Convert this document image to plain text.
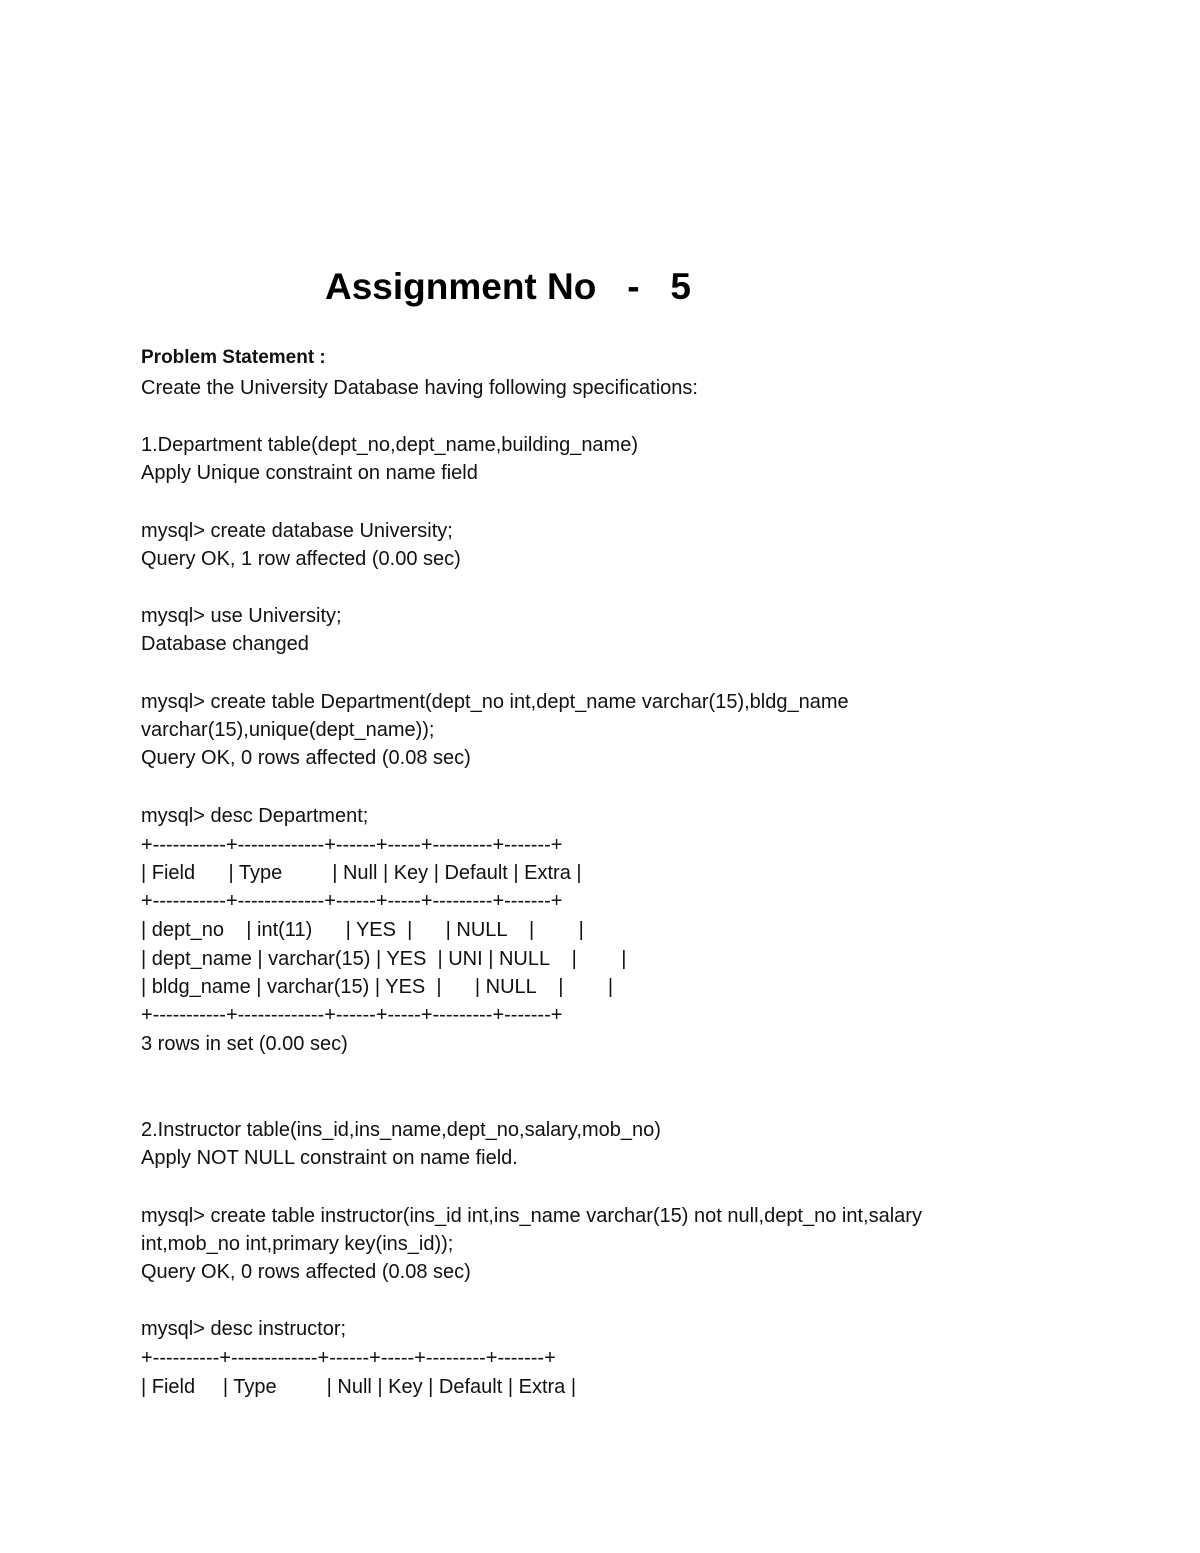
Assignment No   -   5
Problem Statement :
Create the University Database having following specifications:
1.Department table(dept_no,dept_name,building_name)
Apply Unique constraint on name field
mysql> create database University;
Query OK, 1 row affected (0.00 sec)
mysql> use University;
Database changed
mysql> create table Department(dept_no int,dept_name varchar(15),bldg_name
varchar(15),unique(dept_name));
Query OK, 0 rows affected (0.08 sec)
mysql> desc Department;
+-----------+-------------+------+-----+---------+-------+
| Field      | Type         | Null | Key | Default | Extra |
+-----------+-------------+------+-----+---------+-------+
| dept_no    | int(11)      | YES  |      | NULL    |        |
| dept_name | varchar(15) | YES  | UNI | NULL    |        |
| bldg_name | varchar(15) | YES  |      | NULL    |        |
+-----------+-------------+------+-----+---------+-------+
3 rows in set (0.00 sec)
2.Instructor table(ins_id,ins_name,dept_no,salary,mob_no)
Apply NOT NULL constraint on name field.
mysql> create table instructor(ins_id int,ins_name varchar(15) not null,dept_no int,salary
int,mob_no int,primary key(ins_id));
Query OK, 0 rows affected (0.08 sec)
mysql> desc instructor;
+----------+-------------+------+-----+---------+-------+
| Field     | Type         | Null | Key | Default | Extra |
